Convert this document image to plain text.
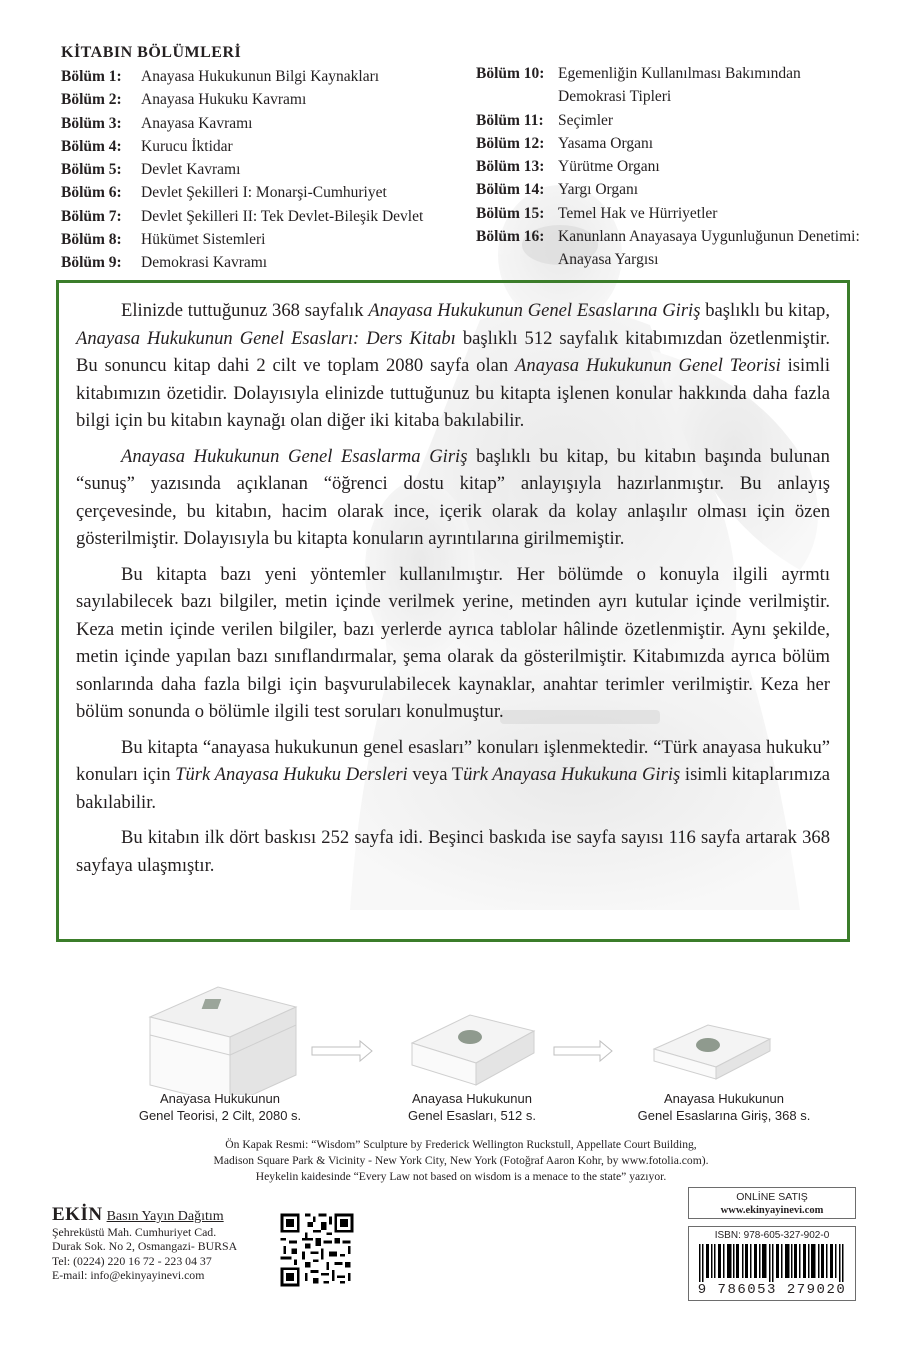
KİTABIN BÖLÜMLERİ
Bölüm 1:	Anayasa Hukukunun Bilgi Kaynakları
Bölüm 2:	Anayasa Hukuku Kavramı
Bölüm 3:	Anayasa Kavramı
Bölüm 4:	Kurucu İktidar
Bölüm 5:	Devlet Kavramı
Bölüm 6:	Devlet Şekilleri I: Monarşi-Cumhuriyet
Bölüm 7:	Devlet Şekilleri II: Tek Devlet-Bileşik Devlet
Bölüm 8:	Hükümet Sistemleri
Bölüm 9:	Demokrasi Kavramı
Bölüm 10: Egemenliğin Kullanılması Bakımından Demokrasi Tipleri
Bölüm 11: Seçimler
Bölüm 12: Yasama Organı
Bölüm 13: Yürütme Organı
Bölüm 14: Yargı Organı
Bölüm 15: Temel Hak ve Hürriyetler
Bölüm 16: Kanunlann Anayasaya Uygunluğunun Denetimi: Anayasa Yargısı

Elinizde tuttuğunuz 368 sayfalık Anayasa Hukukunun Genel Esaslarına Giriş başlıklı bu kitap, Anayasa Hukukunun Genel Esasları: Ders Kitabı başlıklı 512 sayfalık kitabımızdan özetlenmiştir. Bu sonuncu kitap dahi 2 cilt ve toplam 2080 sayfa olan Anayasa Hukukunun Genel Teorisi isimli kitabımızın özetidir. Dolayısıyla elinizde tuttuğunuz bu kitapta işlenen konular hakkında daha fazla bilgi için bu kitabın kaynağı olan diğer iki kitaba bakılabilir.

Anayasa Hukukunun Genel Esaslarma Giriş başlıklı bu kitap, bu kitabın başında bulunan “sunuş” yazısında açıklanan “öğrenci dostu kitap” anlayışıyla hazırlanmıştır. Bu anlayış çerçevesinde, bu kitabın, hacim olarak ince, içerik olarak da kolay anlaşılır olması için özen gösterilmiştir. Dolayısıyla bu kitapta konuların ayrıntılarına girilmemiştir.

Bu kitapta bazı yeni yöntemler kullanılmıştır. Her bölümde o konuyla ilgili ayrmtı sayılabilecek bazı bilgiler, metin içinde verilmek yerine, metinden ayrı kutular içinde verilmiştir. Keza metin içinde verilen bilgiler, bazı yerlerde ayrıca tablolar hâlinde özetlenmiştir. Aynı şekilde, metin içinde yapılan bazı sınıflandırmalar, şema olarak da gösterilmiştir. Kitabımızda ayrıca bölüm sonlarında daha fazla bilgi için başvurulabilecek kaynaklar, anahtar terimler verilmiştir. Keza her bölüm sonunda o bölümle ilgili test soruları konulmuştur.

Bu kitapta “anayasa hukukunun genel esasları” konuları işlenmektedir. “Türk anayasa hukuku” konuları için Türk Anayasa Hukuku Dersleri veya Türk Anayasa Hukukuna Giriş isimli kitaplarımıza bakılabilir.

Bu kitabın ilk dört baskısı 252 sayfa idi. Beşinci baskıda ise sayfa sayısı 116 sayfa artarak 368 sayfaya ulaşmıştır.

Anayasa Hukukunun
Genel Teorisi, 2 Cilt, 2080 s.
Anayasa Hukukunun
Genel Esasları, 512 s.
Anayasa Hukukunun
Genel Esaslarına Giriş, 368 s.
Ön Kapak Resmi: “Wisdom” Sculpture by Frederick Wellington Ruckstull, Appellate Court Building,
Madison Square Park & Vicinity - New York City, New York (Fotoğraf Aaron Kohr, by www.fotolia.com).
Heykelin kaidesinde “Every Law not based on wisdom is a menace to the state” yazıyor.
EKİN Basın Yayın Dağıtım
Şehreküstü Mah. Cumhuriyet Cad.
Durak Sok. No 2, Osmangazi- BURSA
Tel: (0224) 220 16 72 - 223 04 37
E-mail: info@ekinyayinevi.com
ONLİNE SATIŞ
www.ekinyayinevi.com
ISBN: 978-605-327-902-0
9 786053 279020
